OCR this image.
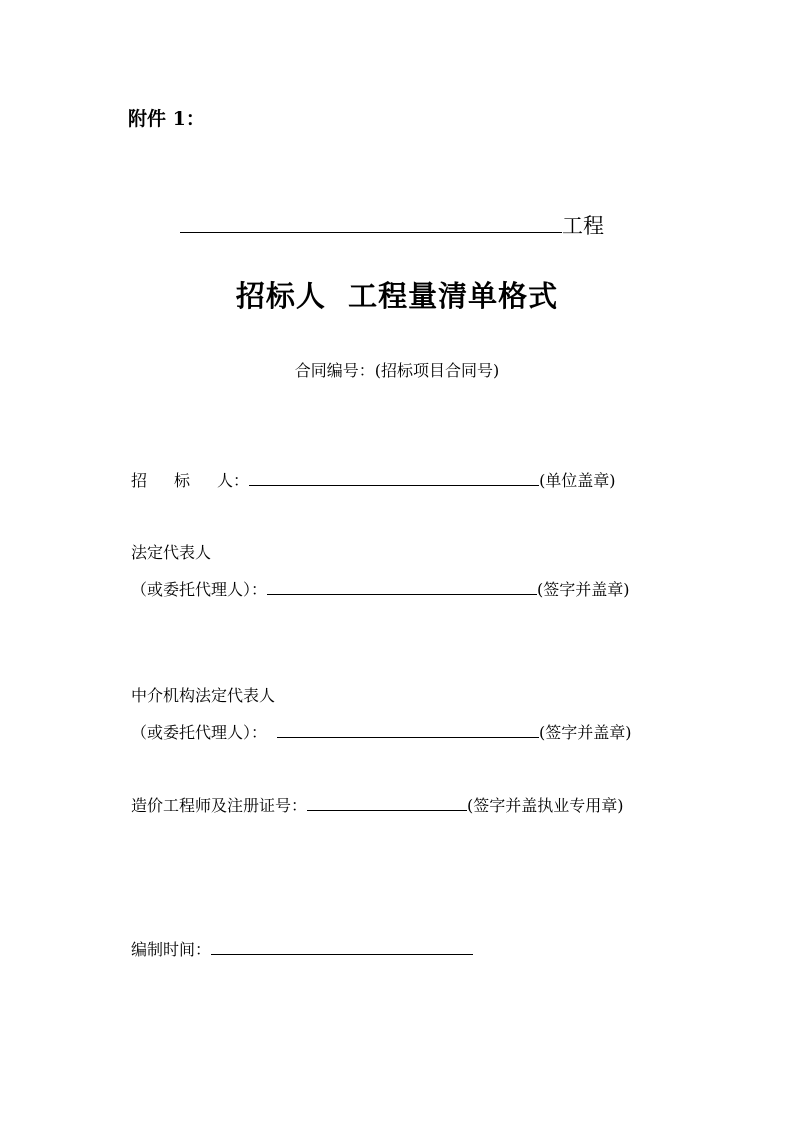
附件 1：
工程
招标人  工程量清单格式
合同编号：(招标项目合同号)
招标人：	(单位盖章)
法定代表人
（或委托代理人）：	(签字并盖章)
中介机构法定代表人
（或委托代理人）：	(签字并盖章)
造价工程师及注册证号：	(签字并盖执业专用章)
编制时间：
